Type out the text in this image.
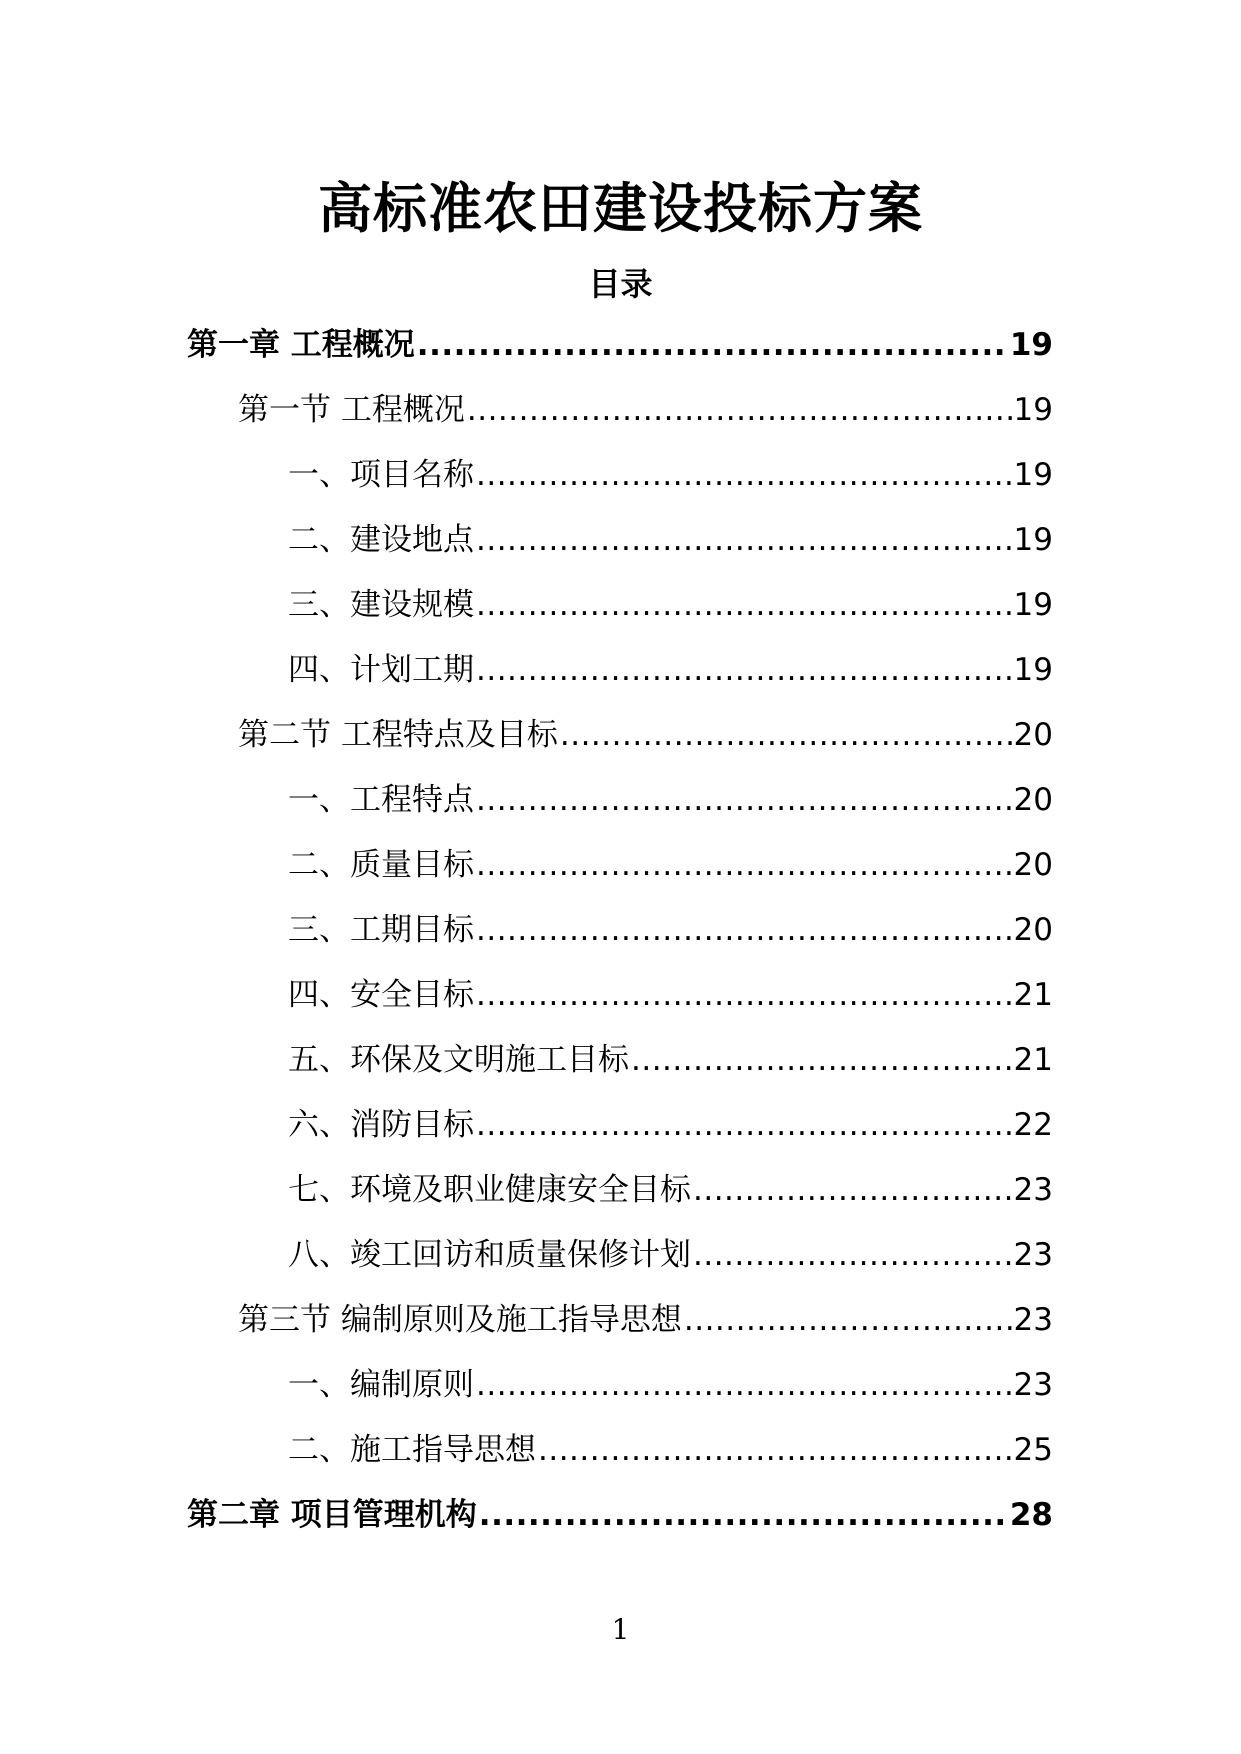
高标准农田建设投标方案
目录
第一章 工程概况 .....	19
第一节 工程概况 .....	19
一、项目名称 .....	19
二、建设地点 .....	19
三、建设规模 .....	19
四、计划工期 .....	19
第二节 工程特点及目标 .....	20
一、工程特点 .....	20
二、质量目标 .....	20
三、工期目标 .....	20
四、安全目标 .....	21
五、环保及文明施工目标 .....	21
六、消防目标 .....	22
七、环境及职业健康安全目标 .....	23
八、竣工回访和质量保修计划 .....	23
第三节 编制原则及施工指导思想 .....	23
一、编制原则 .....	23
二、施工指导思想 .....	25
第二章 项目管理机构 .....	28
1
